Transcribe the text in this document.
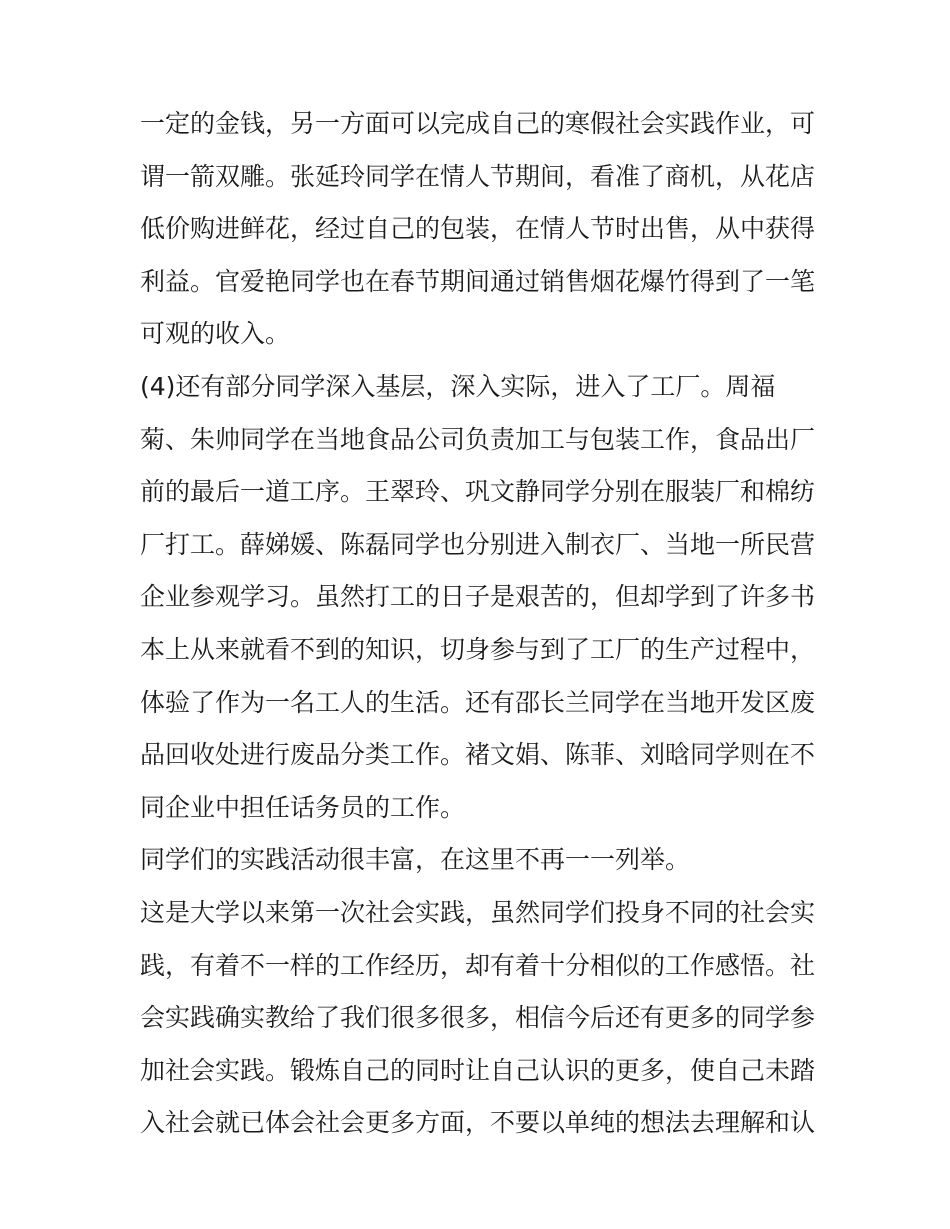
一定的金钱，另一方面可以完成自己的寒假社会实践作业，可
谓一箭双雕。张延玲同学在情人节期间，看准了商机，从花店
低价购进鲜花，经过自己的包装，在情人节时出售，从中获得
利益。官爱艳同学也在春节期间通过销售烟花爆竹得到了一笔
可观的收入。
(4)还有部分同学深入基层，深入实际，进入了工厂。周福
菊、朱帅同学在当地食品公司负责加工与包装工作，食品出厂
前的最后一道工序。王翠玲、巩文静同学分别在服装厂和棉纺
厂打工。薛娣媛、陈磊同学也分别进入制衣厂、当地一所民营
企业参观学习。虽然打工的日子是艰苦的，但却学到了许多书
本上从来就看不到的知识，切身参与到了工厂的生产过程中，
体验了作为一名工人的生活。还有邵长兰同学在当地开发区废
品回收处进行废品分类工作。褚文娟、陈菲、刘晗同学则在不
同企业中担任话务员的工作。
同学们的实践活动很丰富，在这里不再一一列举。
这是大学以来第一次社会实践，虽然同学们投身不同的社会实
践，有着不一样的工作经历，却有着十分相似的工作感悟。社
会实践确实教给了我们很多很多，相信今后还有更多的同学参
加社会实践。锻炼自己的同时让自己认识的更多，使自己未踏
入社会就已体会社会更多方面，不要以单纯的想法去理解和认
